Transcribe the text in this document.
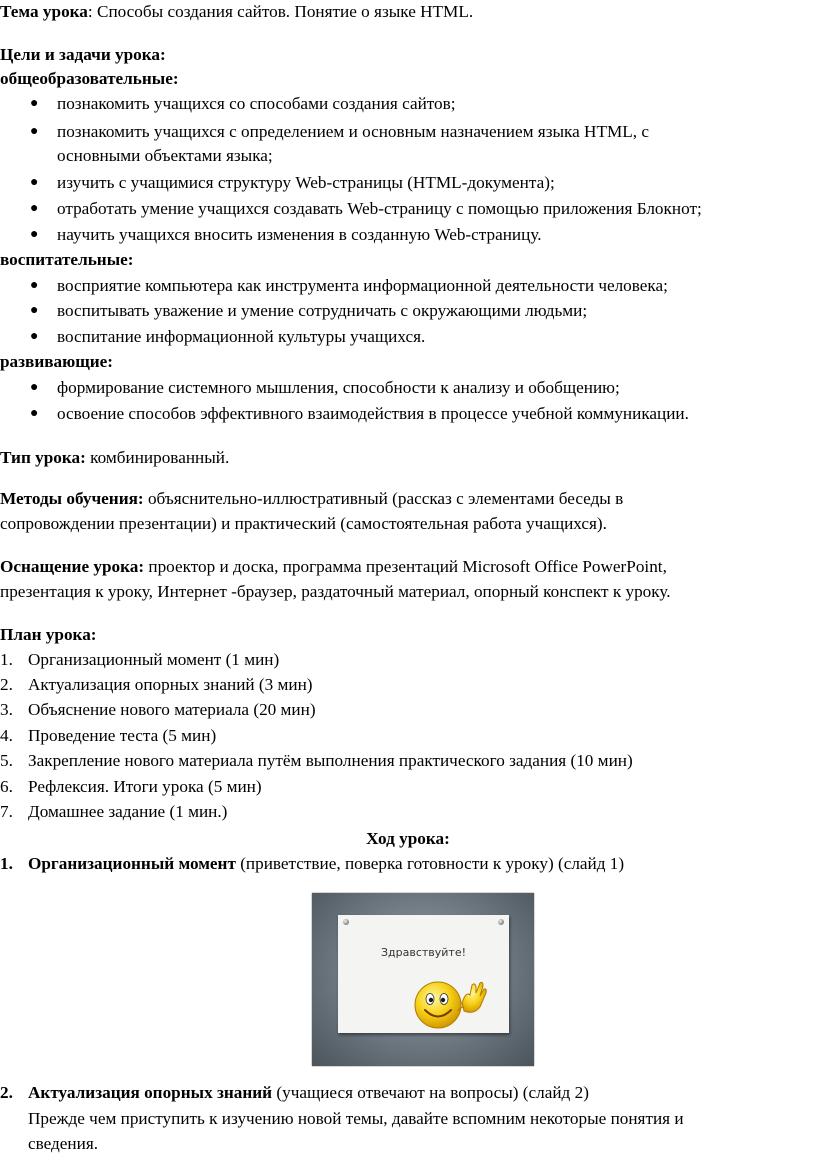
Тема урока: Способы создания сайтов. Понятие о языке HTML.
Цели и задачи урока:
общеобразовательные:
● познакомить учащихся со способами создания сайтов;
● познакомить учащихся с определением и основным назначением языка HTML, с
основными объектами языка;
● изучить с учащимися структуру Web-страницы (HTML-документа);
● отработать умение учащихся создавать Web-страницу с помощью приложения Блокнот;
● научить учащихся вносить изменения в созданную Web-страницу.
воспитательные:
● восприятие компьютера как инструмента информационной деятельности человека;
● воспитывать уважение и умение сотрудничать с окружающими людьми;
● воспитание информационной культуры учащихся.
развивающие:
● формирование системного мышления, способности к анализу и обобщению;
● освоение способов эффективного взаимодействия в процессе учебной коммуникации.
Тип урока: комбинированный.
Методы обучения: объяснительно-иллюстративный (рассказ с элементами беседы в
сопровождении презентации) и практический (самостоятельная работа учащихся).
Оснащение урока: проектор и доска, программа презентаций Microsoft Office PowerPoint,
презентация к уроку, Интернет -браузер, раздаточный материал, опорный конспект к уроку.
План урока:
1. Организационный момент (1 мин)
2. Актуализация опорных знаний (3 мин)
3. Объяснение нового материала (20 мин)
4. Проведение теста (5 мин)
5. Закрепление нового материала путём выполнения практического задания (10 мин)
6. Рефлексия. Итоги урока (5 мин)
7. Домашнее задание (1 мин.)
Ход урока:
1. Организационный момент (приветствие, поверка готовности к уроку) (слайд 1)
Здравствуйте!
2. Актуализация опорных знаний (учащиеся отвечают на вопросы) (слайд 2)
Прежде чем приступить к изучению новой темы, давайте вспомним некоторые понятия и
сведения.
